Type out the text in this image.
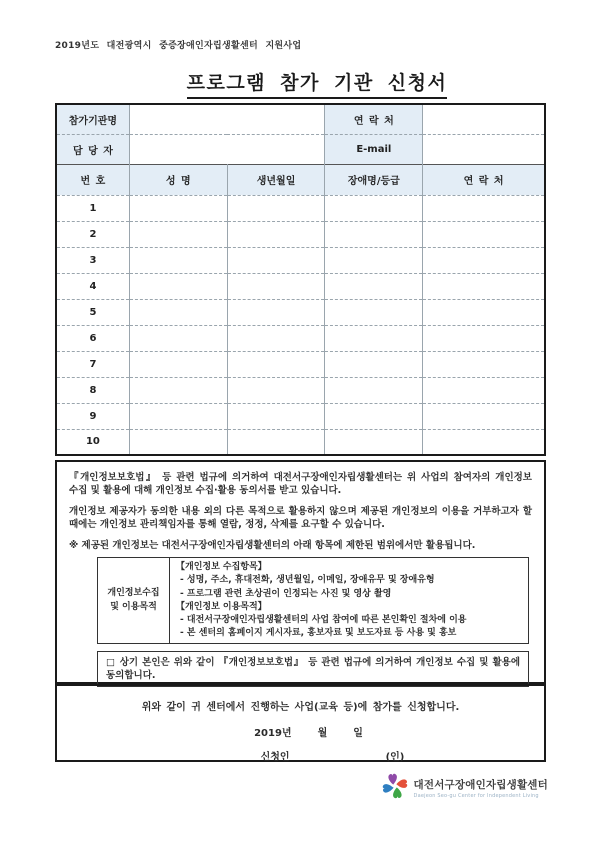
2019년도 대전광역시 중증장애인자립생활센터 지원사업
프로그램 참가 기관 신청서
참가기관명			연 락 처	
담 당 자			E-mail	
번 호	성 명	생년월일	장애명/등급	연 락 처
1				
2				
3				
4				
5				
6				
7				
8				
9				
10				

『개인정보보호법』 등 관련 법규에 의거하여 대전서구장애인자립생활센터는 위 사업의 참여자의 개인정보 수집 및 활용에 대해 개인정보 수집·활용 동의서를 받고 있습니다.

개인정보 제공자가 동의한 내용 외의 다른 목적으로 활용하지 않으며 제공된 개인정보의 이용을 거부하고자 할 때에는 개인정보 관리책임자를 통해 열람, 정정, 삭제를 요구할 수 있습니다.

※ 제공된 개인정보는 대전서구장애인자립생활센터의 아래 항목에 제한된 범위에서만 활용됩니다.

개인정보수집
및 이용목적

【개인정보 수집항목】
- 성명, 주소, 휴대전화, 생년월일, 이메일, 장애유무 및 장애유형
- 프로그램 관련 초상권이 인정되는 사진 및 영상 촬영
【개인정보 이용목적】
- 대전서구장애인자립생활센터의 사업 참여에 따른 본인확인 절차에 이용
- 본 센터의 홈페이지 게시자료, 홍보자료 및 보도자료 등 사용 및 홍보
□ 상기 본인은 위와 같이 『개인정보보호법』 등 관련 법규에 의거하여 개인정보 수집 및 활용에 동의합니다.
위와 같이 귀 센터에서 진행하는 사업(교육 등)에 참가를 신청합니다.
2019년	월	일
신청인	(인)
대전서구장애인자립생활센터
Daejeon Seo-gu Center for Independent Living
